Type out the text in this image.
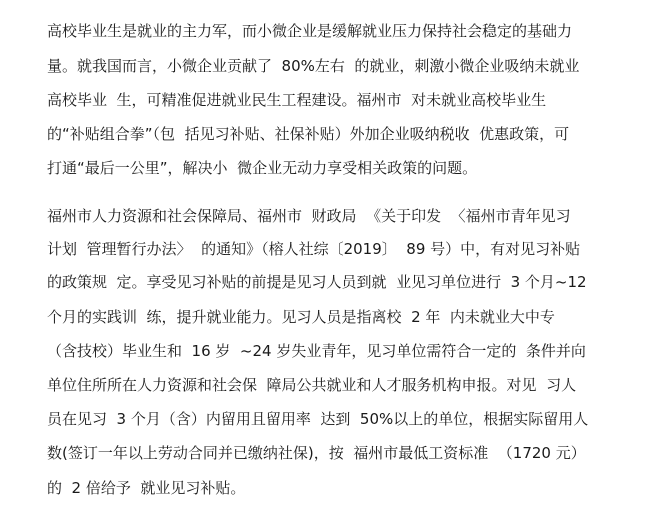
高校毕业生是就业的主力军，而小微企业是缓解就业压力保持社会稳定的基础力
量。就我国而言，小微企业贡献了  80%左右  的就业，刺激小微企业吸纳未就业
高校毕业  生，可精准促进就业民生工程建设。福州市  对未就业高校毕业生
的“补贴组合拳”（包  括见习补贴、社保补贴）外加企业吸纳税收  优惠政策，可
打通“最后一公里”，解决小  微企业无动力享受相关政策的问题。
福州市人力资源和社会保障局、福州市  财政局  《关于印发  〈福州市青年见习
计划  管理暂行办法〉  的通知》（榕人社综〔2019〕  89 号）中，有对见习补贴
的政策规  定。享受见习补贴的前提是见习人员到就  业见习单位进行  3 个月~12
个月的实践训  练，提升就业能力。见习人员是指离校  2 年  内未就业大中专
（含技校）毕业生和  16 岁  ~24 岁失业青年，见习单位需符合一定的  条件并向
单位住所所在人力资源和社会保  障局公共就业和人才服务机构申报。对见  习人
员在见习  3 个月（含）内留用且留用率  达到  50%以上的单位，根据实际留用人
数(签订一年以上劳动合同并已缴纳社保)，按  福州市最低工资标准  （1720 元）
的  2 倍给予  就业见习补贴。
